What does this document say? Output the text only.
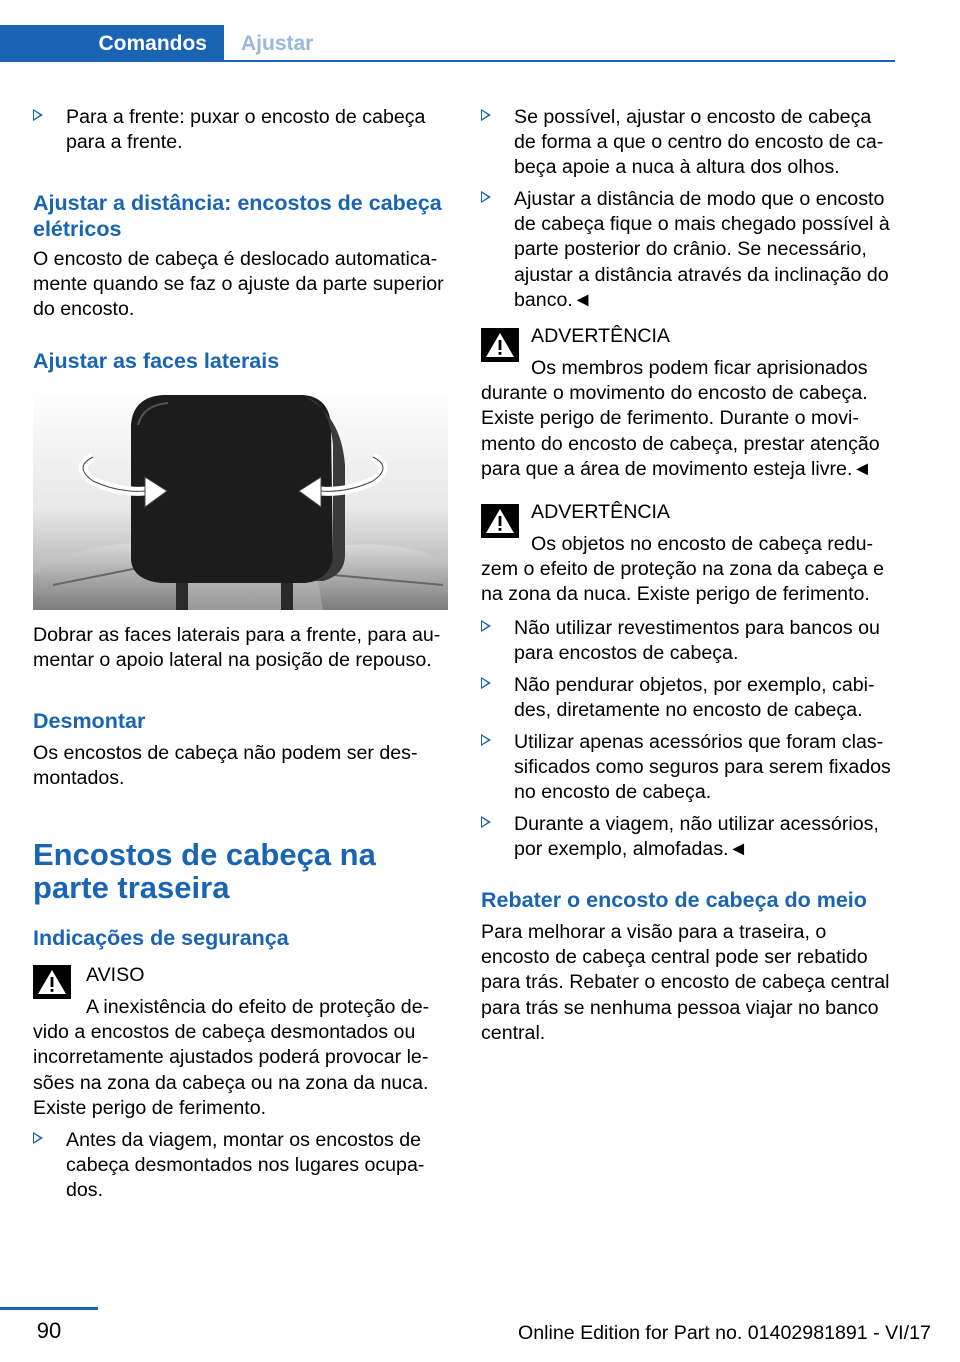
Comandos	Ajustar
Para a frente: puxar o encosto de cabeça para a frente.
Ajustar a distância: encostos de cabeça elétricos
O encosto de cabeça é deslocado automatica-mente quando se faz o ajuste da parte superior do encosto.
Ajustar as faces laterais
Dobrar as faces laterais para a frente, para au-mentar o apoio lateral na posição de repouso.
Desmontar
Os encostos de cabeça não podem ser des-montados.
Encostos de cabeça na parte traseira
Indicações de segurança
AVISO
A inexistência do efeito de proteção de-vido a encostos de cabeça desmontados ou incorretamente ajustados poderá provocar le-sões na zona da cabeça ou na zona da nuca. Existe perigo de ferimento.
Antes da viagem, montar os encostos de cabeça desmontados nos lugares ocupa-dos.
Se possível, ajustar o encosto de cabeça de forma a que o centro do encosto de ca-beça apoie a nuca à altura dos olhos.
Ajustar a distância de modo que o encosto de cabeça fique o mais chegado possível à parte posterior do crânio. Se necessário, ajustar a distância através da inclinação do banco.◄
ADVERTÊNCIA
Os membros podem ficar aprisionados durante o movimento do encosto de cabeça. Existe perigo de ferimento. Durante o movi-mento do encosto de cabeça, prestar atenção para que a área de movimento esteja livre.◄
ADVERTÊNCIA
Os objetos no encosto de cabeça redu-zem o efeito de proteção na zona da cabeça e na zona da nuca. Existe perigo de ferimento.
Não utilizar revestimentos para bancos ou para encostos de cabeça.
Não pendurar objetos, por exemplo, cabi-des, diretamente no encosto de cabeça.
Utilizar apenas acessórios que foram clas-sificados como seguros para serem fixados no encosto de cabeça.
Durante a viagem, não utilizar acessórios, por exemplo, almofadas.◄
Rebater o encosto de cabeça do meio
Para melhorar a visão para a traseira, o encosto de cabeça central pode ser rebatido para trás. Rebater o encosto de cabeça central para trás se nenhuma pessoa viajar no banco central.
90	Online Edition for Part no. 01402981891 - VI/17
